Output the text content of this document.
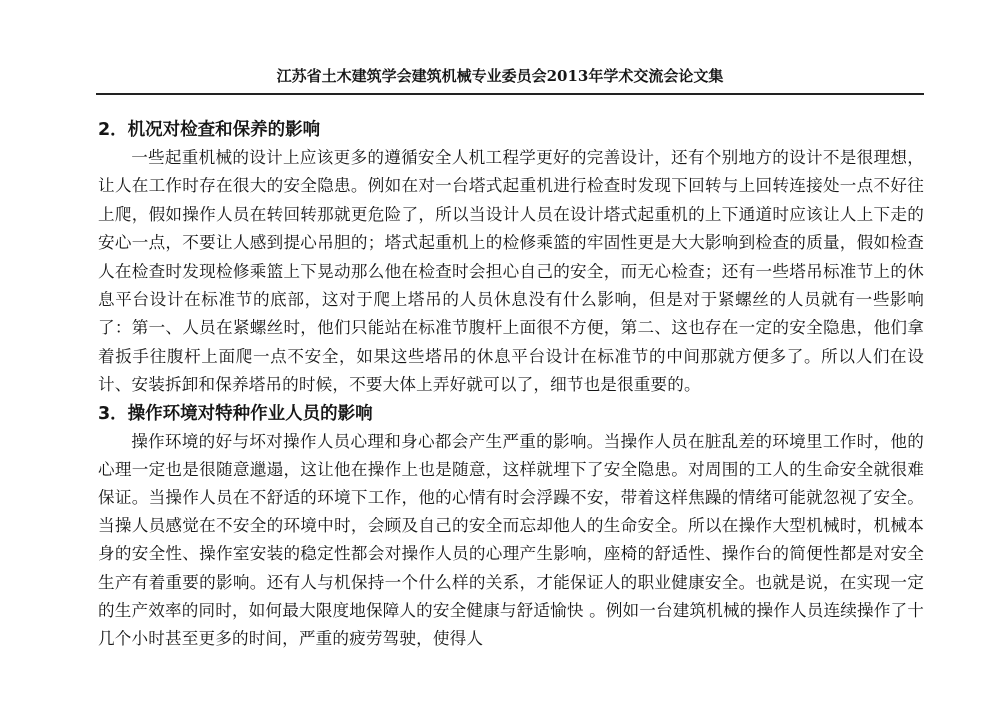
江苏省土木建筑学会建筑机械专业委员会2013年学术交流会论文集
2．机况对检查和保养的影响

一些起重机械的设计上应该更多的遵循安全人机工程学更好的完善设计，还有个别地方的设计不是很理想，让人在工作时存在很大的安全隐患。例如在对一台塔式起重机进行检查时发现下回转与上回转连接处一点不好往上爬，假如操作人员在转回转那就更危险了，所以当设计人员在设计塔式起重机的上下通道时应该让人上下走的安心一点，不要让人感到提心吊胆的；塔式起重机上的检修乘篮的牢固性更是大大影响到检查的质量，假如检查人在检查时发现检修乘篮上下晃动那么他在检查时会担心自己的安全，而无心检查；还有一些塔吊标准节上的休息平台设计在标准节的底部，这对于爬上塔吊的人员休息没有什么影响，但是对于紧螺丝的人员就有一些影响了：第一、人员在紧螺丝时，他们只能站在标准节腹杆上面很不方便，第二、这也存在一定的安全隐患，他们拿着扳手往腹杆上面爬一点不安全，如果这些塔吊的休息平台设计在标准节的中间那就方便多了。所以人们在设计、安装拆卸和保养塔吊的时候，不要大体上弄好就可以了，细节也是很重要的。

3．操作环境对特种作业人员的影响

操作环境的好与坏对操作人员心理和身心都会产生严重的影响。当操作人员在脏乱差的环境里工作时，他的心理一定也是很随意邋遢，这让他在操作上也是随意，这样就埋下了安全隐患。对周围的工人的生命安全就很难保证。当操作人员在不舒适的环境下工作，他的心情有时会浮躁不安，带着这样焦躁的情绪可能就忽视了安全。当操人员感觉在不安全的环境中时，会顾及自己的安全而忘却他人的生命安全。所以在操作大型机械时，机械本身的安全性、操作室安装的稳定性都会对操作人员的心理产生影响，座椅的舒适性、操作台的简便性都是对安全生产有着重要的影响。还有人与机保持一个什么样的关系，才能保证人的职业健康安全。也就是说，在实现一定的生产效率的同时，如何最大限度地保障人的安全健康与舒适愉快 。例如一台建筑机械的操作人员连续操作了十几个小时甚至更多的时间，严重的疲劳驾驶，使得人
